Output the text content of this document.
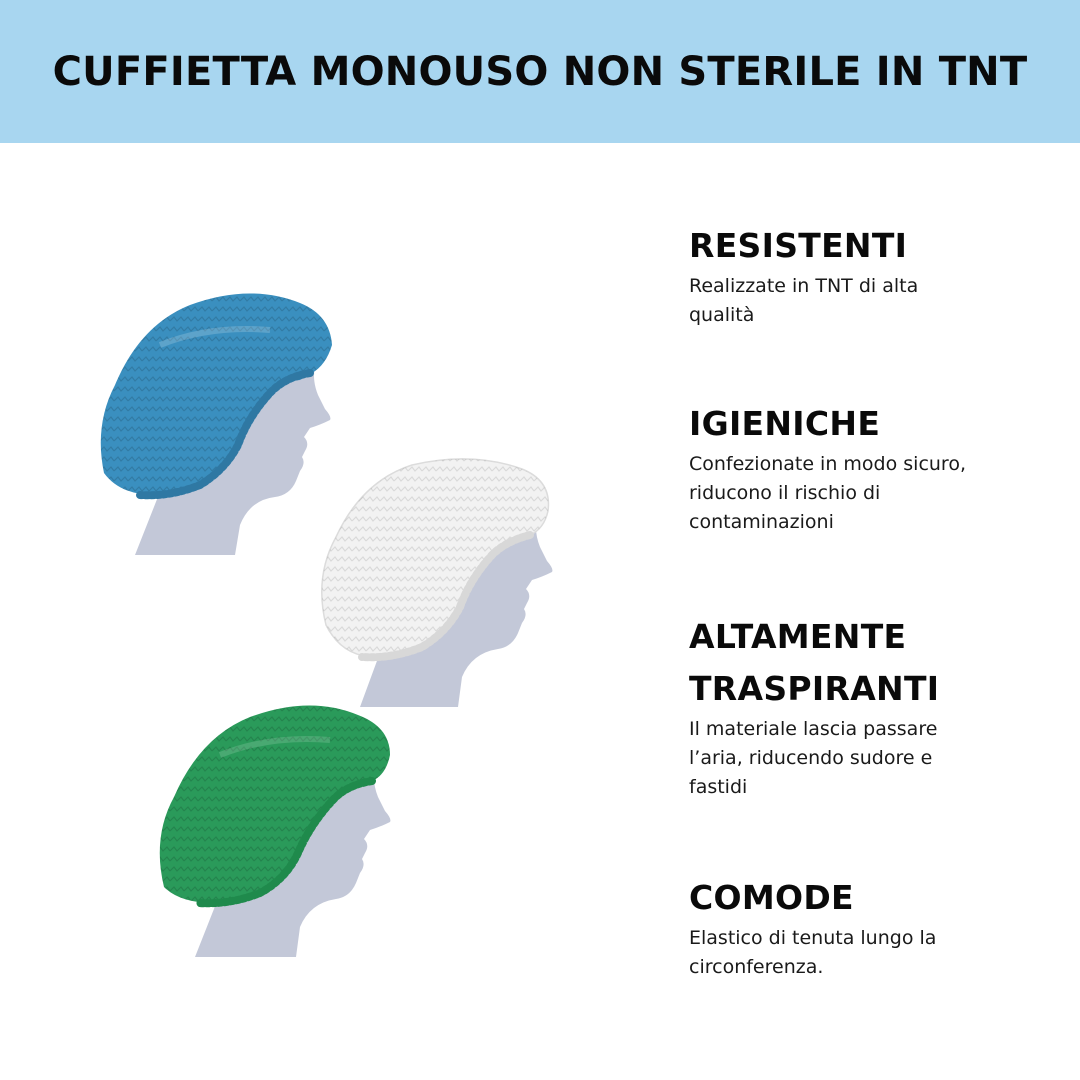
CUFFIETTA MONOUSO NON STERILE IN TNT
RESISTENTI

Realizzate in TNT di alta qualità

IGIENICHE

Confezionate in modo sicuro, riducono il rischio di contaminazioni

ALTAMENTE TRASPIRANTI

Il materiale lascia passare l’aria, riducendo sudore e fastidi

COMODE

Elastico di tenuta lungo la circonferenza.
